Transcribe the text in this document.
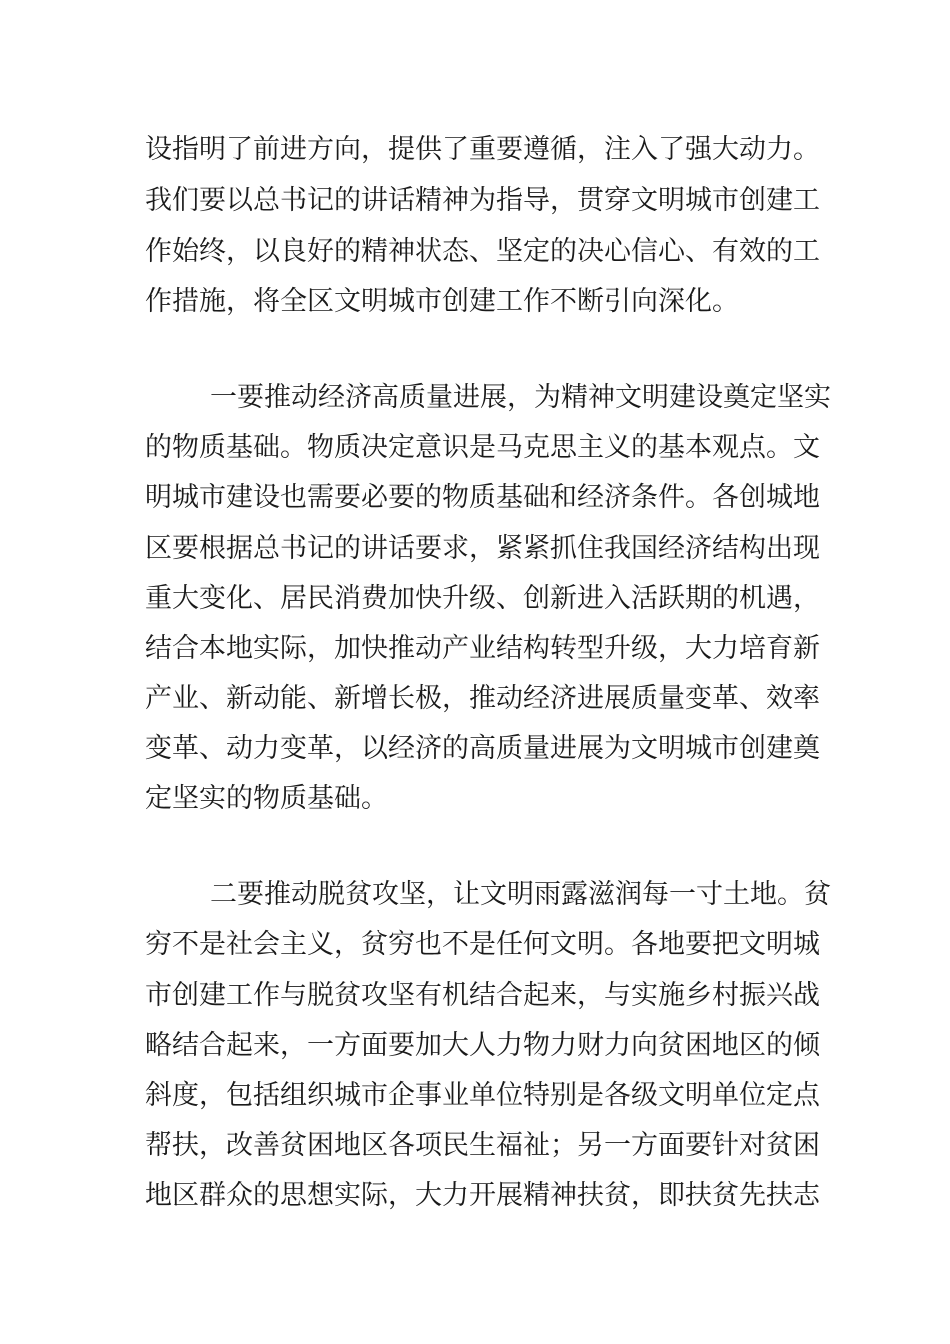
设指明了前进方向，提供了重要遵循，注入了强大动力。
我们要以总书记的讲话精神为指导，贯穿文明城市创建工
作始终，以良好的精神状态、坚定的决心信心、有效的工
作措施，将全区文明城市创建工作不断引向深化。
一要推动经济高质量进展，为精神文明建设奠定坚实
的物质基础。物质决定意识是马克思主义的基本观点。文
明城市建设也需要必要的物质基础和经济条件。各创城地
区要根据总书记的讲话要求，紧紧抓住我国经济结构出现
重大变化、居民消费加快升级、创新进入活跃期的机遇，
结合本地实际，加快推动产业结构转型升级，大力培育新
产业、新动能、新增长极，推动经济进展质量变革、效率
变革、动力变革，以经济的高质量进展为文明城市创建奠
定坚实的物质基础。
二要推动脱贫攻坚，让文明雨露滋润每一寸土地。贫
穷不是社会主义，贫穷也不是任何文明。各地要把文明城
市创建工作与脱贫攻坚有机结合起来，与实施乡村振兴战
略结合起来，一方面要加大人力物力财力向贫困地区的倾
斜度，包括组织城市企事业单位特别是各级文明单位定点
帮扶，改善贫困地区各项民生福祉；另一方面要针对贫困
地区群众的思想实际，大力开展精神扶贫，即扶贫先扶志
